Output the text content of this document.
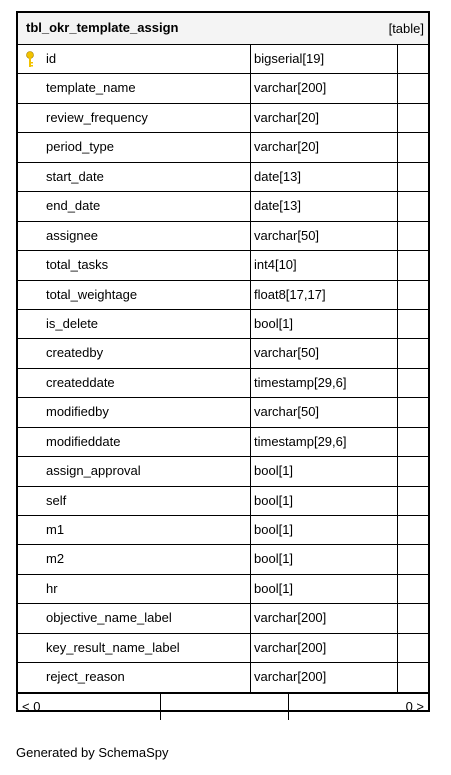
tbl_okr_template_assign	[table]
id	bigserial[19]
template_name	varchar[200]
review_frequency	varchar[20]
period_type	varchar[20]
start_date	date[13]
end_date	date[13]
assignee	varchar[50]
total_tasks	int4[10]
total_weightage	float8[17,17]
is_delete	bool[1]
createdby	varchar[50]
createddate	timestamp[29,6]
modifiedby	varchar[50]
modifieddate	timestamp[29,6]
assign_approval	bool[1]
self	bool[1]
m1	bool[1]
m2	bool[1]
hr	bool[1]
objective_name_label	varchar[200]
key_result_name_label	varchar[200]
reject_reason	varchar[200]
< 0	0 >
Generated by SchemaSpy
